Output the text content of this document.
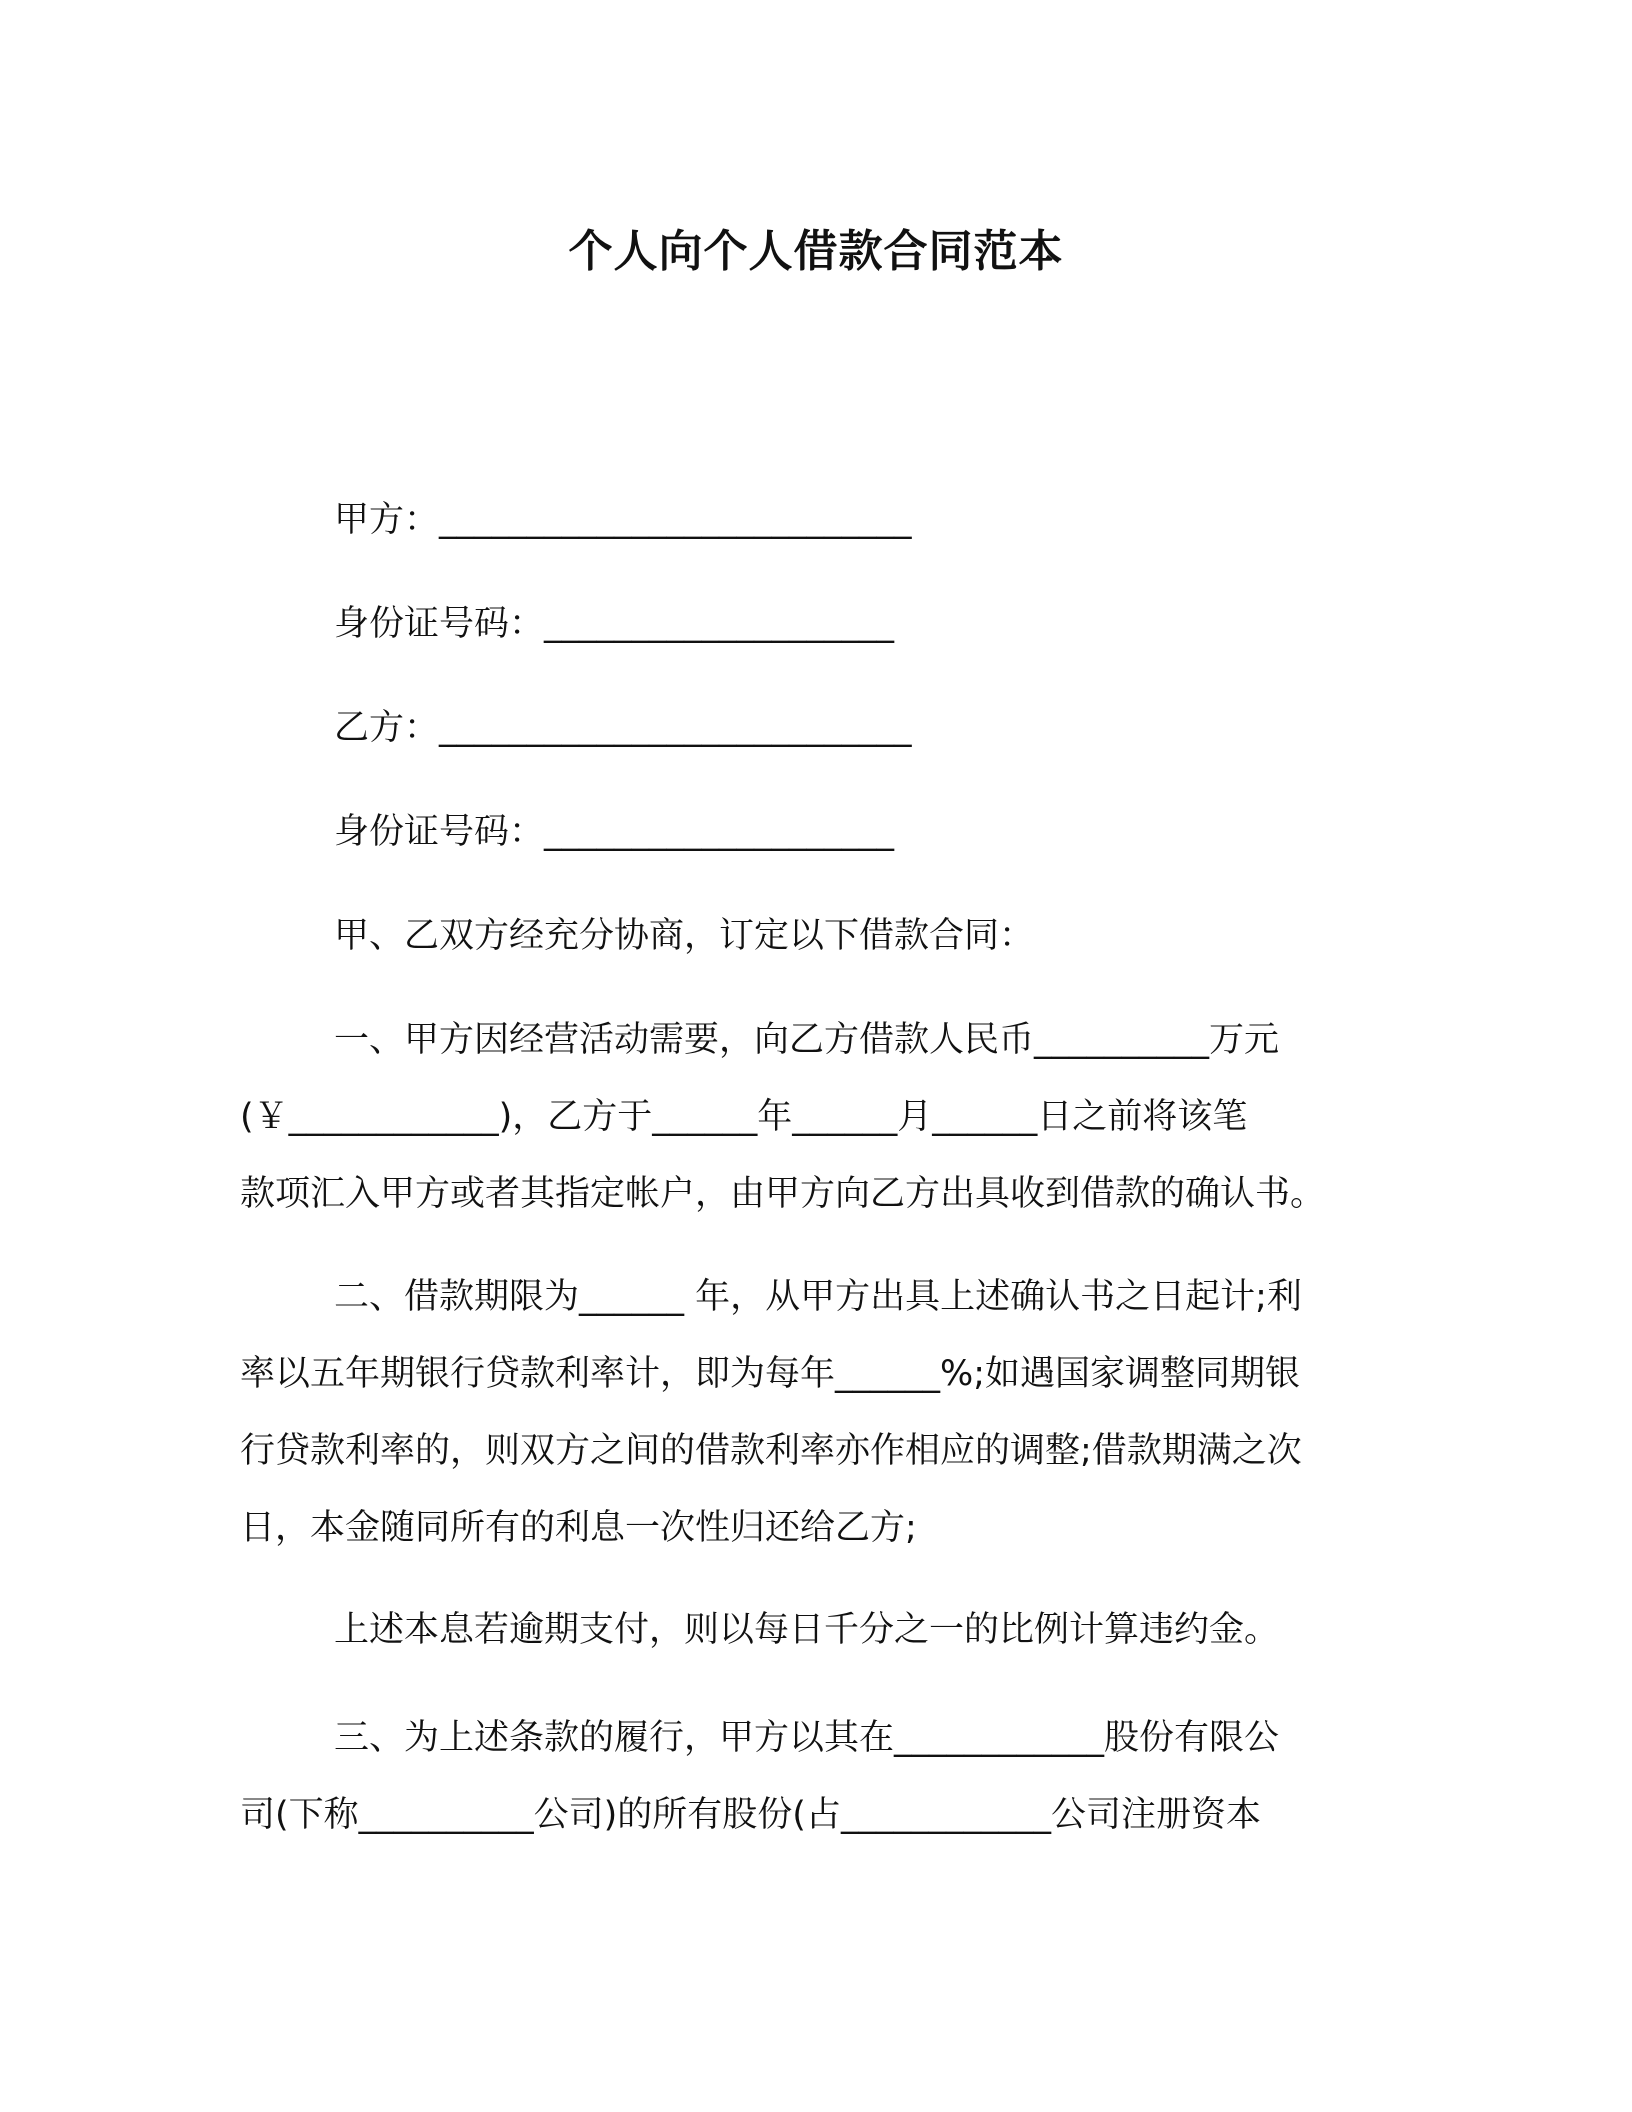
个人向个人借款合同范本
甲方：___________________________
身份证号码：____________________
乙方：___________________________
身份证号码：____________________
甲、乙双方经充分协商，订定以下借款合同：
一、甲方因经营活动需要，向乙方借款人民币__________万元
(￥____________)，乙方于______年______月______日之前将该笔
款项汇入甲方或者其指定帐户，由甲方向乙方出具收到借款的确认书。
二、借款期限为______ 年，从甲方出具上述确认书之日起计;利
率以五年期银行贷款利率计，即为每年______%;如遇国家调整同期银
行贷款利率的，则双方之间的借款利率亦作相应的调整;借款期满之次
日，本金随同所有的利息一次性归还给乙方;
上述本息若逾期支付，则以每日千分之一的比例计算违约金。
三、为上述条款的履行，甲方以其在____________股份有限公
司(下称__________公司)的所有股份(占____________公司注册资本
